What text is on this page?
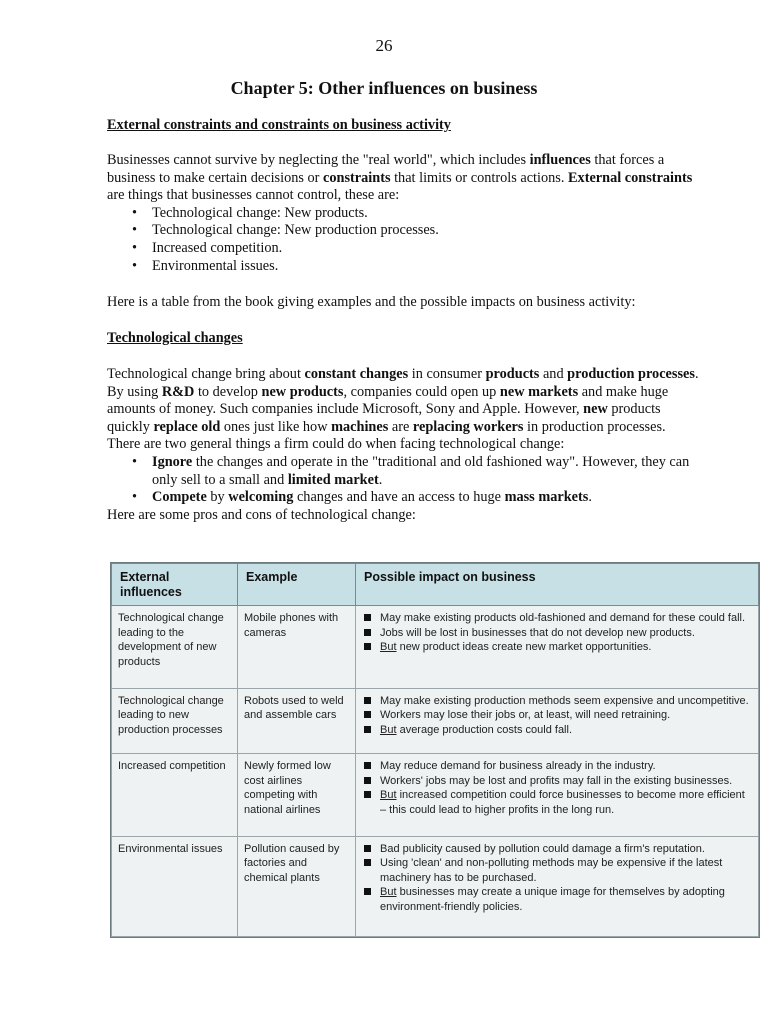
26
Chapter 5: Other influences on business
External constraints and constraints on business activity

Businesses cannot survive by neglecting the "real world", which includes influences that forces a business to make certain decisions or constraints that limits or controls actions. External constraints are things that businesses cannot control, these are:

• Technological change: New products.
• Technological change: New production processes.
• Increased competition.
• Environmental issues.
Here is a table from the book giving examples and the possible impacts on business activity:
Technological changes

Technological change bring about constant changes in consumer products and production processes. By using R&D to develop new products, companies could open up new markets and make huge amounts of money. Such companies include Microsoft, Sony and Apple. However, new products quickly replace old ones just like how machines are replacing workers in production processes.

There are two general things a firm could do when facing technological change:

• Ignore the changes and operate in the "traditional and old fashioned way". However, they can only sell to a small and limited market.
• Compete by welcoming changes and have an access to huge mass markets.

Here are some pros and cons of technological change:

External influences	Example	Possible impact on business
Technological change leading to the development of new products	Mobile phones with cameras	May make existing products old-fashioned and demand for these could fall.
Jobs will be lost in businesses that do not develop new products.
But new product ideas create new market opportunities.

Technological change leading to new production processes	Robots used to weld and assemble cars	May make existing production methods seem expensive and uncompetitive.
Workers may lose their jobs or, at least, will need retraining.
But average production costs could fall.

Increased competition	Newly formed low cost airlines competing with national airlines	May reduce demand for business already in the industry.
Workers' jobs may be lost and profits may fall in the existing businesses.
But increased competition could force businesses to become more efficient – this could lead to higher profits in the long run.

Environmental issues	Pollution caused by factories and chemical plants	Bad publicity caused by pollution could damage a firm's reputation.
Using 'clean' and non-polluting methods may be expensive if the latest machinery has to be purchased.
But businesses may create a unique image for themselves by adopting environment-friendly policies.
